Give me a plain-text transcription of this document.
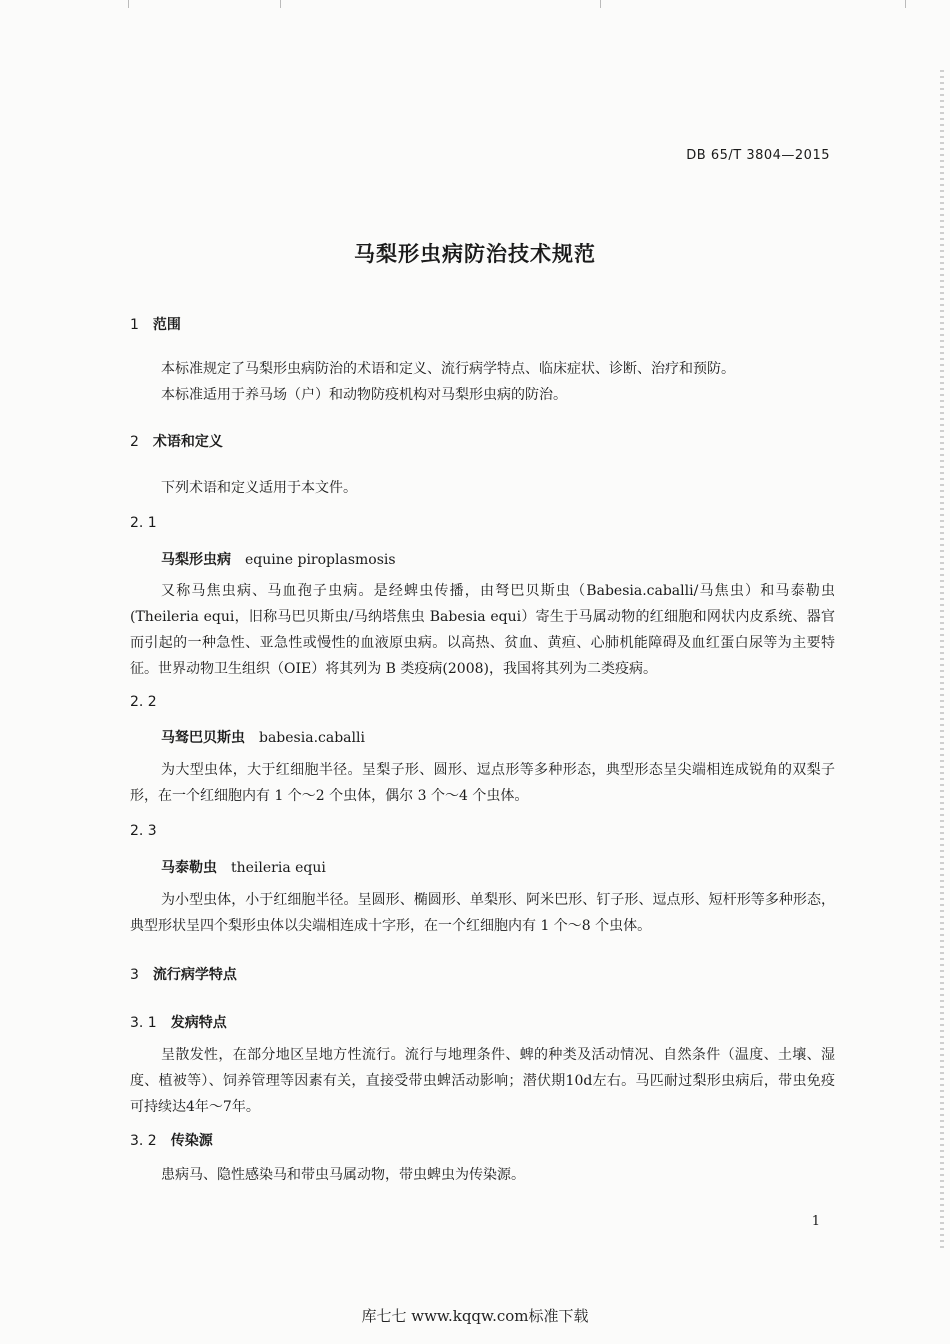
DB 65/T 3804—2015
马梨形虫病防治技术规范
1 范围
本标准规定了马梨形虫病防治的术语和定义、流行病学特点、临床症状、诊断、治疗和预防。
本标准适用于养马场（户）和动物防疫机构对马梨形虫病的防治。
2 术语和定义
下列术语和定义适用于本文件。
2. 1
马梨形虫病 equine piroplasmosis
又称马焦虫病、马血孢子虫病。是经蜱虫传播，由弩巴贝斯虫（Babesia.caballi/马焦虫）和马泰勒虫(Theileria equi，旧称马巴贝斯虫/马纳塔焦虫 Babesia equi）寄生于马属动物的红细胞和网状内皮系统、器官而引起的一种急性、亚急性或慢性的血液原虫病。以高热、贫血、黄疸、心肺机能障碍及血红蛋白尿等为主要特征。世界动物卫生组织（OIE）将其列为 B 类疫病(2008)，我国将其列为二类疫病。
2. 2
马驽巴贝斯虫 babesia.caballi
为大型虫体，大于红细胞半径。呈梨子形、圆形、逗点形等多种形态，典型形态呈尖端相连成锐角的双梨子形，在一个红细胞内有 1 个～2 个虫体，偶尔 3 个～4 个虫体。
2. 3
马泰勒虫 theileria equi
为小型虫体，小于红细胞半径。呈圆形、椭圆形、单梨形、阿米巴形、钉子形、逗点形、短杆形等多种形态，典型形状呈四个梨形虫体以尖端相连成十字形，在一个红细胞内有 1 个～8 个虫体。
3 流行病学特点
3. 1 发病特点
呈散发性，在部分地区呈地方性流行。流行与地理条件、蜱的种类及活动情况、自然条件（温度、土壤、湿度、植被等）、饲养管理等因素有关，直接受带虫蜱活动影响；潜伏期10d左右。马匹耐过梨形虫病后，带虫免疫可持续达4年～7年。
3. 2 传染源
患病马、隐性感染马和带虫马属动物，带虫蜱虫为传染源。
1
库七七 www.kqqw.com标准下载
